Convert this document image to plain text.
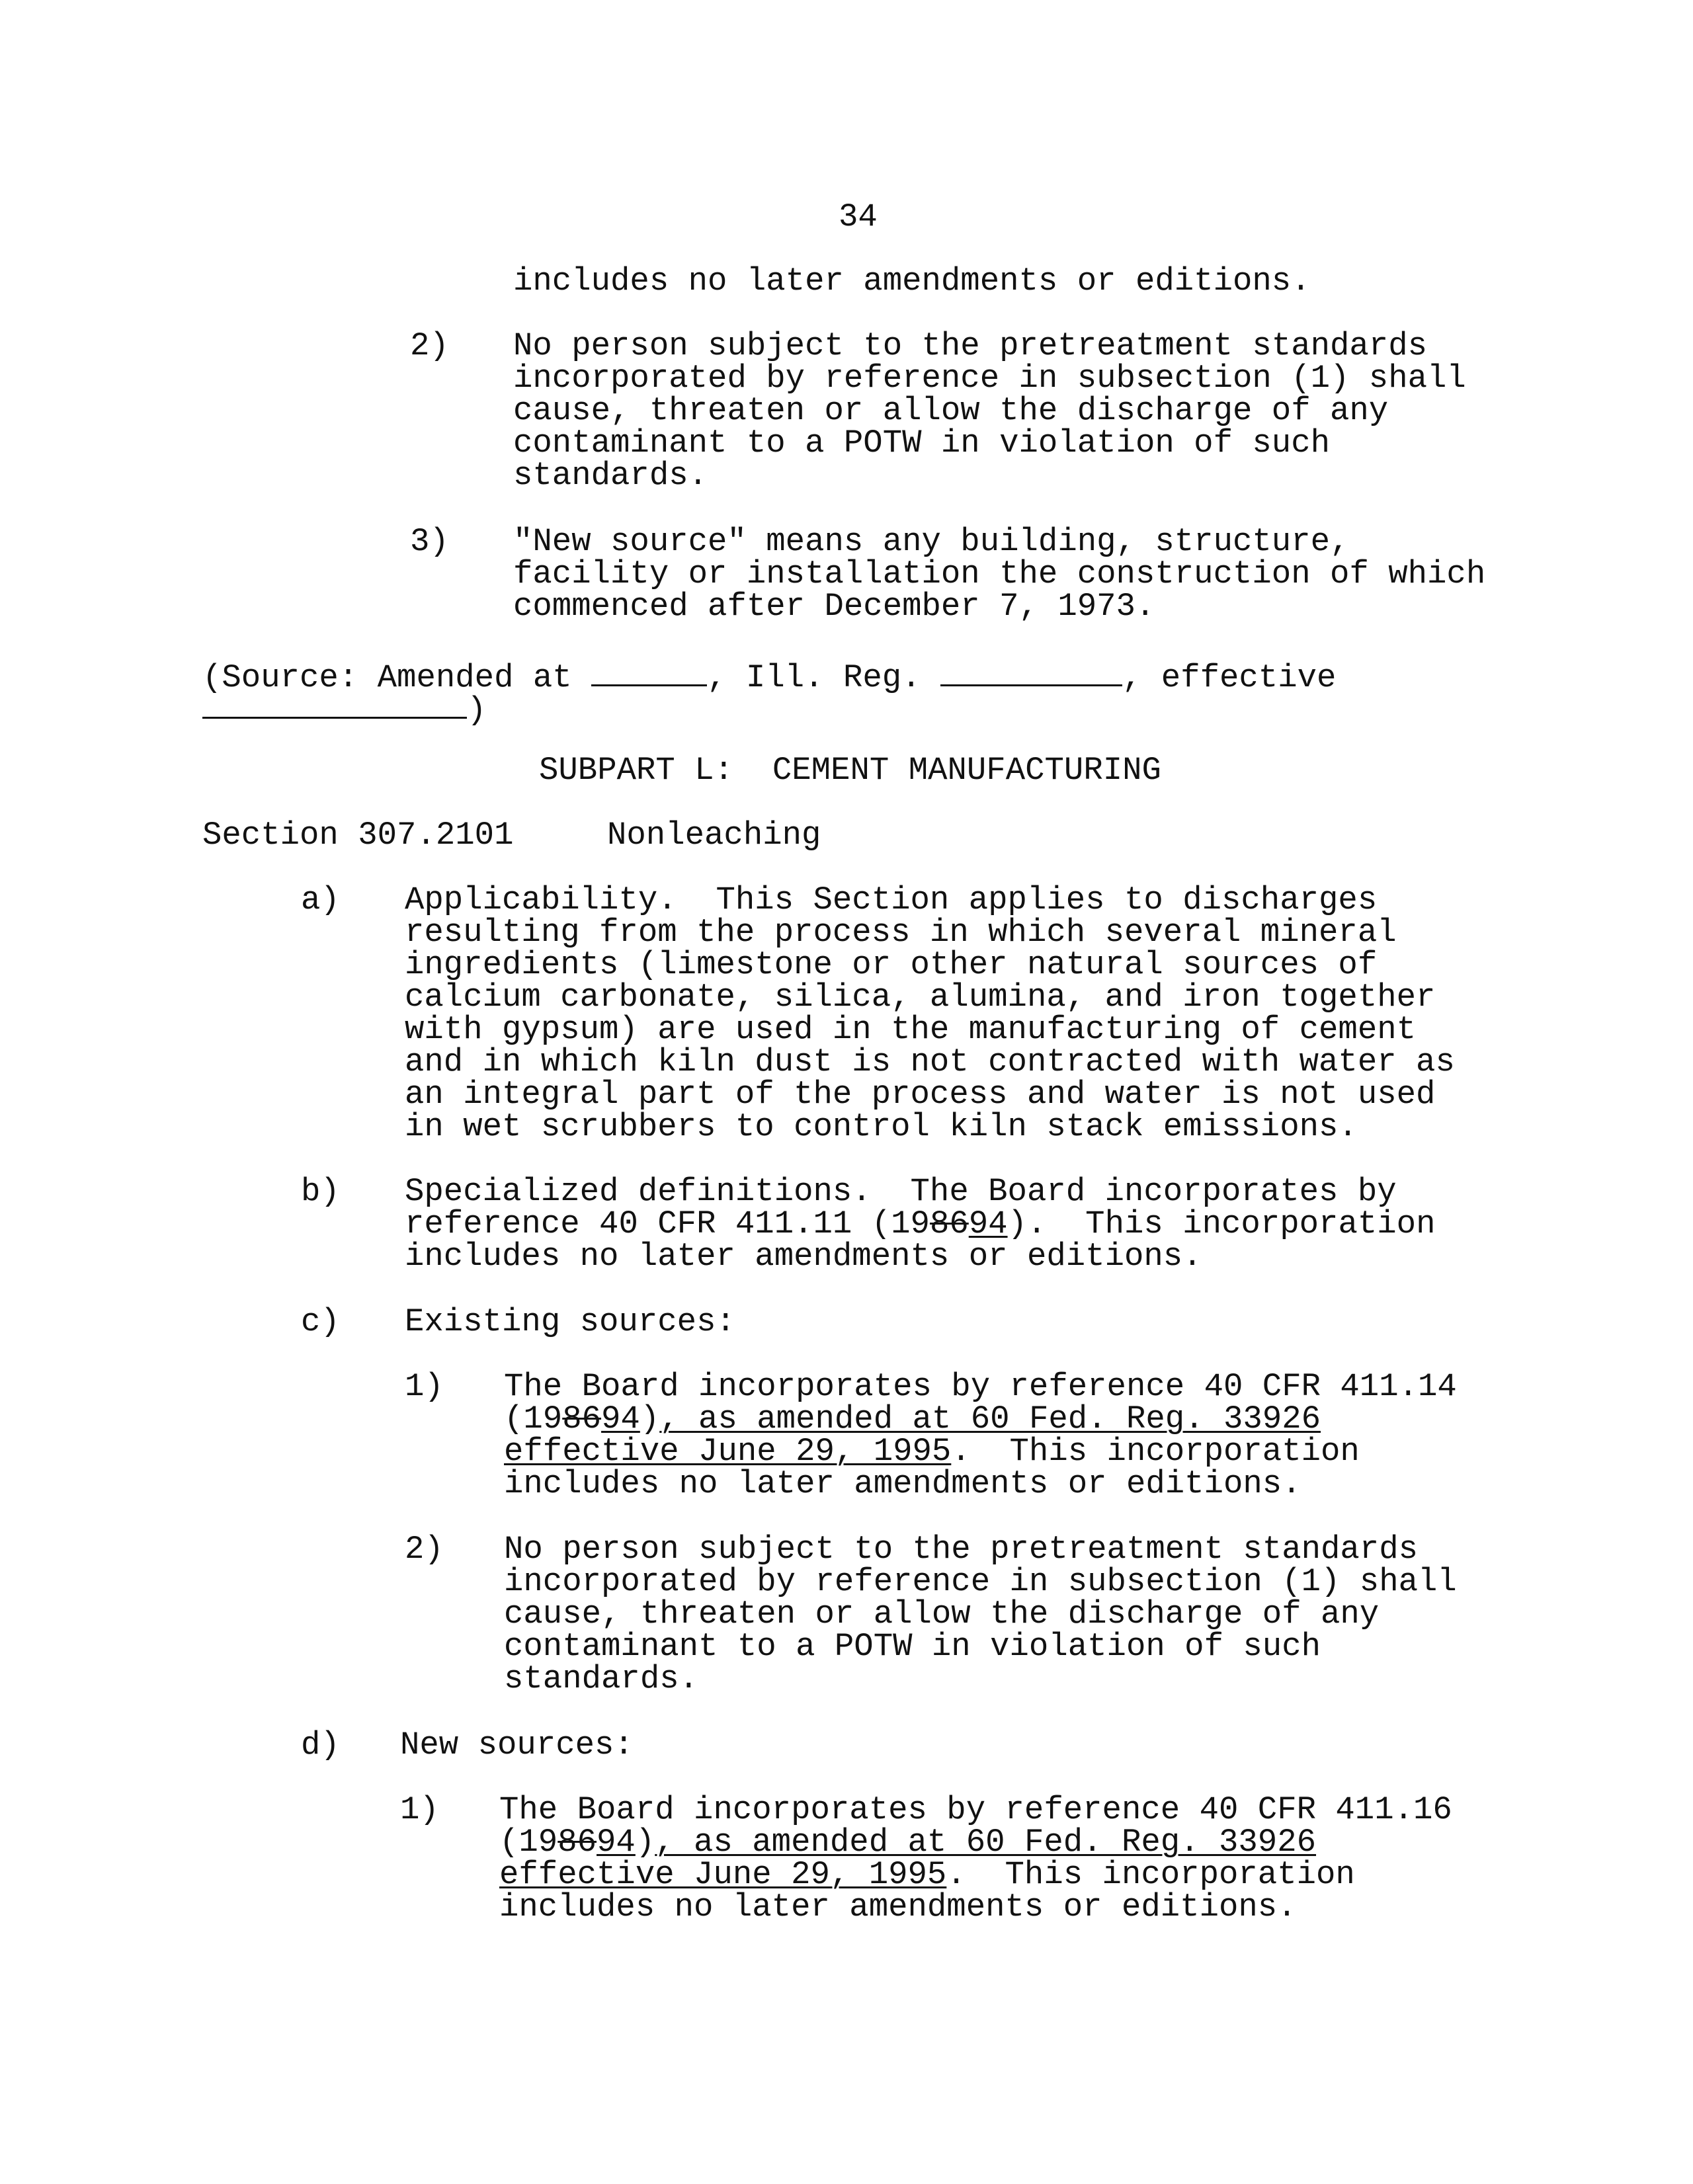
34
includes no later amendments or editions.
2) No person subject to the pretreatment standards
incorporated by reference in subsection (1) shall
cause, threaten or allow the discharge of any
contaminant to a POTW in violation of such
standards.
3) "New source" means any building, structure,
facility or installation the construction of which
commenced after December 7, 1973.
(Source: Amended at	, Ill. Reg.	, effective
)
SUBPART L:  CEMENT MANUFACTURING
Section 307.2101	Nonleaching
a) Applicability.  This Section applies to discharges
resulting from the process in which several mineral
ingredients (limestone or other natural sources of
calcium carbonate, silica, alumina, and iron together
with gypsum) are used in the manufacturing of cement
and in which kiln dust is not contracted with water as
an integral part of the process and water is not used
in wet scrubbers to control kiln stack emissions.
b) Specialized definitions.  The Board incorporates by
reference 40 CFR 411.11 (198694).  This incorporation
includes no later amendments or editions.
c) Existing sources:
1) The Board incorporates by reference 40 CFR 411.14
(198694), as amended at 60 Fed. Reg. 33926
effective June 29, 1995.  This incorporation
includes no later amendments or editions.
2) No person subject to the pretreatment standards
incorporated by reference in subsection (1) shall
cause, threaten or allow the discharge of any
contaminant to a POTW in violation of such
standards.
d) New sources:
1) The Board incorporates by reference 40 CFR 411.16
(198694), as amended at 60 Fed. Reg. 33926
effective June 29, 1995.  This incorporation
includes no later amendments or editions.
